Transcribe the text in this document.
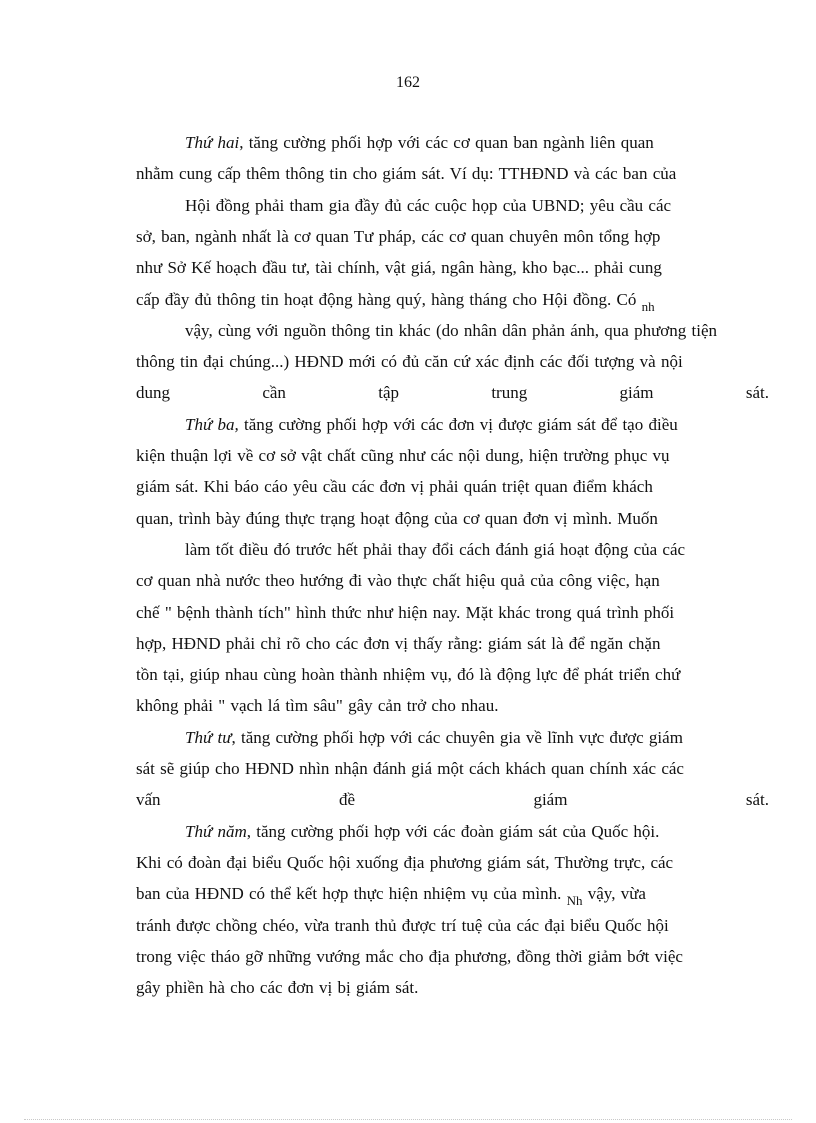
162
Thứ hai, tăng cường phối hợp với các cơ quan ban ngành liên quan
nhằm cung cấp thêm thông tin cho giám sát. Ví dụ: TTHĐND và các ban của
Hội đồng phải tham gia đầy đủ các cuộc họp của UBND; yêu cầu các
sở, ban, ngành nhất là cơ quan Tư pháp, các cơ quan chuyên môn tổng hợp
như Sở Kế hoạch đầu tư, tài chính, vật giá, ngân hàng, kho bạc... phải cung
cấp đầy đủ thông tin hoạt động hàng quý, hàng tháng cho Hội đồng. Có $_{nh}$
vậy, cùng với nguồn thông tin khác (do nhân dân phản ánh, qua phương tiện
thông tin đại chúng...) HĐND mới có đủ căn cứ xác định các đối tượng và nội
dung	cần	tập	trung	giám	sát.
Thứ ba, tăng cường phối hợp với các đơn vị được giám sát để tạo điều
kiện thuận lợi về cơ sở vật chất cũng như các nội dung, hiện trường phục vụ
giám sát. Khi báo cáo yêu cầu các đơn vị phải quán triệt quan điểm khách
quan, trình bày đúng thực trạng hoạt động của cơ quan đơn vị mình. Muốn
làm tốt điều đó trước hết phải thay đổi cách đánh giá hoạt động của các
cơ quan nhà nước theo hướng đi vào thực chất hiệu quả của công việc, hạn
chế " bệnh thành tích" hình thức như hiện nay. Mặt khác trong quá trình phối
hợp, HĐND phải chỉ rõ cho các đơn vị thấy rằng: giám sát là để ngăn chặn
tồn tại, giúp nhau cùng hoàn thành nhiệm vụ, đó là động lực để phát triển chứ
không phải " vạch lá tìm sâu" gây cản trở cho nhau.
Thứ tư, tăng cường phối hợp với các chuyên gia về lĩnh vực được giám
sát sẽ giúp cho HĐND nhìn nhận đánh giá một cách khách quan chính xác các
vấn	đề	giám	sát.
Thứ năm, tăng cường phối hợp với các đoàn giám sát của Quốc hội.
Khi có đoàn đại biểu Quốc hội xuống địa phương giám sát, Thường trực, các
ban của HĐND có thể kết hợp thực hiện nhiệm vụ của mình. $_{Nh}$ vậy, vừa
tránh được chồng chéo, vừa tranh thủ được trí tuệ của các đại biểu Quốc hội
trong việc tháo gỡ những vướng mắc cho địa phương, đồng thời giảm bớt việc
gây phiền hà cho các đơn vị bị giám sát.
